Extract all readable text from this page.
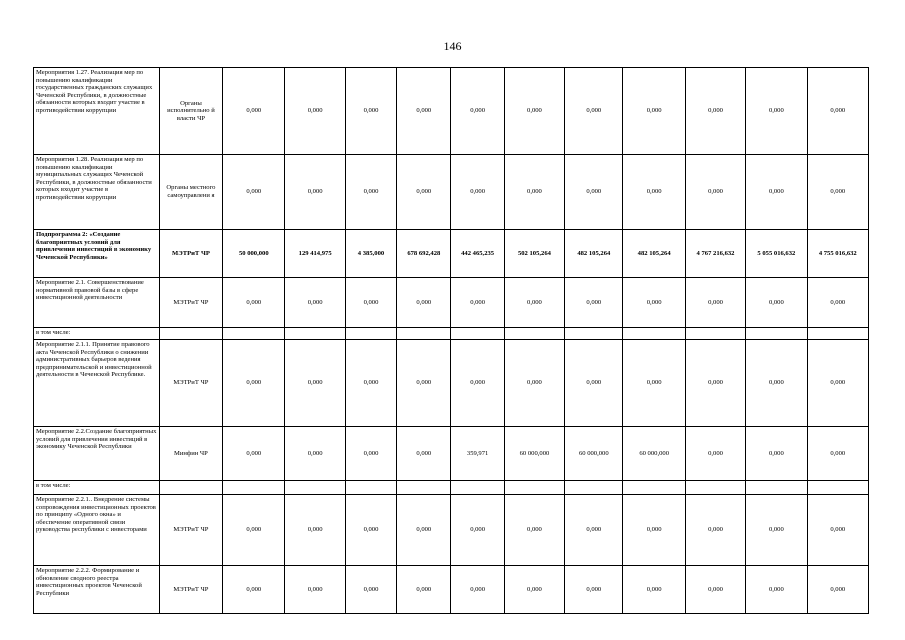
146
Мероприятия 1.27. Реализация мер по повышению квалификации государственных гражданских служащих Чеченской Республики, в должностные обязанности которых входит участие в противодействии коррупции	Органы исполнительно й власти ЧР	0,000	0,000	0,000	0,000	0,000	0,000	0,000	0,000	0,000	0,000	0,000
Мероприятия 1.28. Реализация мер по повышению квалификации муниципальных служащих Чеченской Республики, в должностные обязанности которых входит участие в противодействии коррупции	Органы местного самоуправлени я	0,000	0,000	0,000	0,000	0,000	0,000	0,000	0,000	0,000	0,000	0,000
Подпрограмма 2: «Создание благоприятных условий для привлечения инвестиций в экономику Чеченской Республики»	МЭТРиТ ЧР	50 000,000	129 414,975	4 385,000	678 692,428	442 465,235	502 105,264	482 105,264	482 105,264	4 767 216,632	5 055 016,632	4 755 016,632
Мероприятие 2.1. Совершенствование нормативной правовой базы в сфере инвестиционной деятельности	МЭТРиТ ЧР	0,000	0,000	0,000	0,000	0,000	0,000	0,000	0,000	0,000	0,000	0,000
в том числе:												
Мероприятие 2.1.1. Принятие правового акта Чеченской Республики о снижении административных барьеров ведения предпринимательской и инвестиционной деятельности в Чеченской Республике.	МЭТРиТ ЧР	0,000	0,000	0,000	0,000	0,000	0,000	0,000	0,000	0,000	0,000	0,000
Мероприятие 2.2.Создание благоприятных условий для привлечения инвестиций в экономику Чеченской Республики	Минфин ЧР	0,000	0,000	0,000	0,000	359,971	60 000,000	60 000,000	60 000,000	0,000	0,000	0,000
в том числе:												
Мероприятие 2.2.1.. Внедрение системы сопровождения инвестиционных проектов по принципу «Одного окна» и обеспечение оперативной связи руководства республики с инвесторами	МЭТРиТ ЧР	0,000	0,000	0,000	0,000	0,000	0,000	0,000	0,000	0,000	0,000	0,000
Мероприятие 2.2.2. Формирование и обновление сводного реестра инвестиционных проектов Чеченской Республики	МЭТРиТ ЧР	0,000	0,000	0,000	0,000	0,000	0,000	0,000	0,000	0,000	0,000	0,000
